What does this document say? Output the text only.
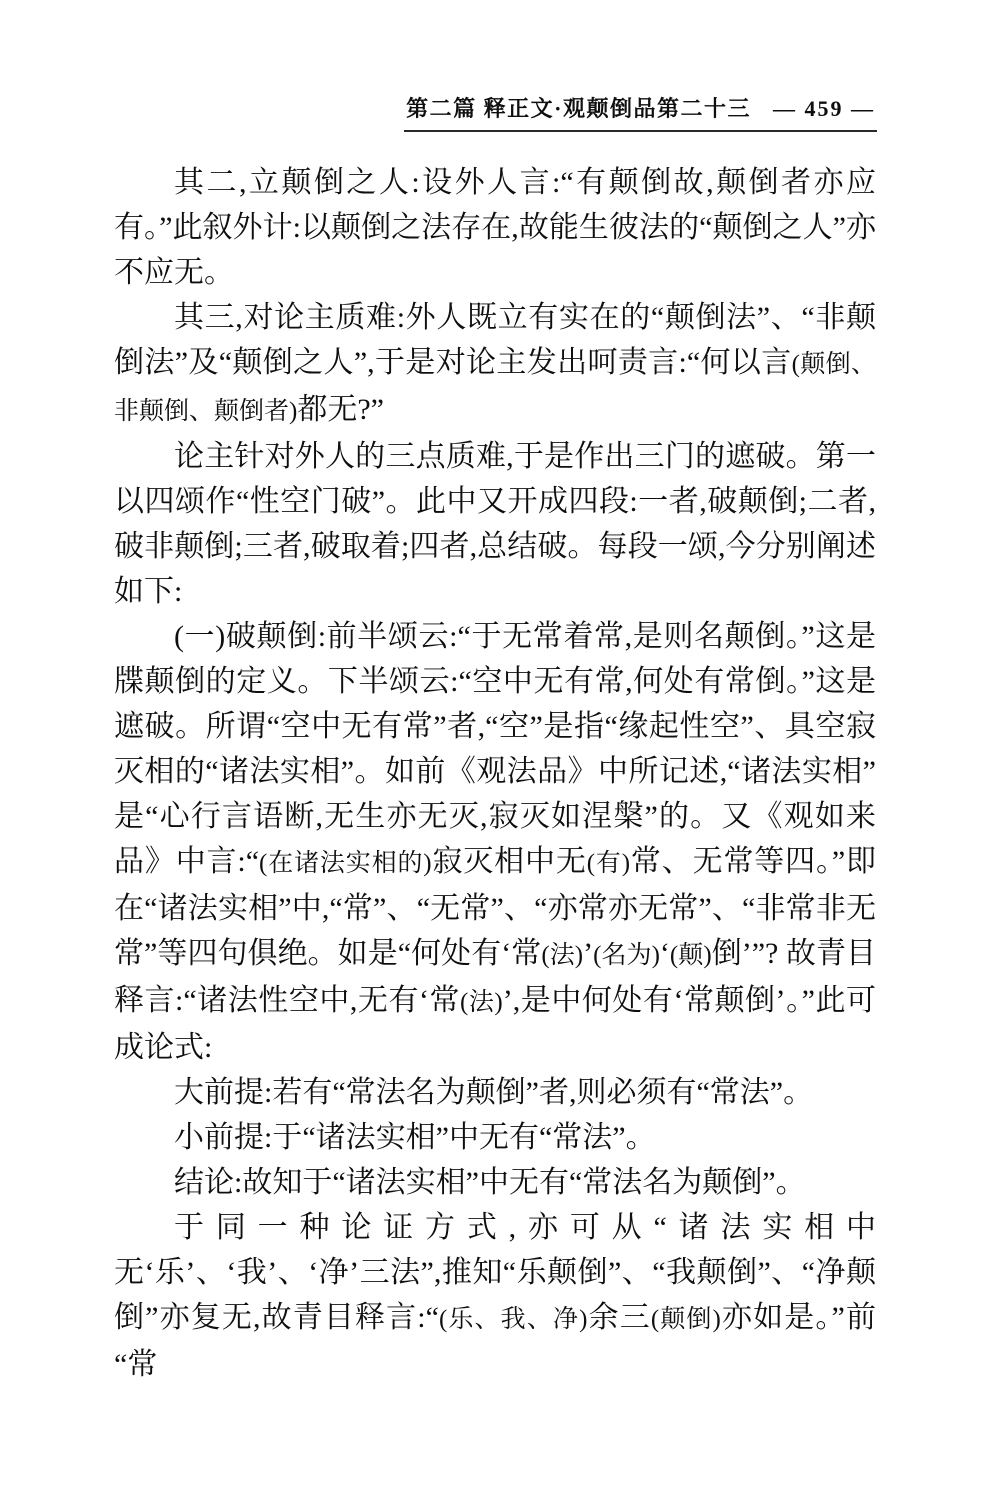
第二篇 释正文·观颠倒品第二十三 — 459 —

其二,立颠倒之人:设外人言:“有颠倒故,颠倒者亦应有。”此叙外计:以颠倒之法存在,故能生彼法的“颠倒之人”亦不应无。

其三,对论主质难:外人既立有实在的“颠倒法”、“非颠倒法”及“颠倒之人”,于是对论主发出呵责言:“何以言(颠倒、非颠倒、颠倒者)都无?”

论主针对外人的三点质难,于是作出三门的遮破。第一以四颂作“性空门破”。此中又开成四段:一者,破颠倒;二者,破非颠倒;三者,破取着;四者,总结破。每段一颂,今分别阐述如下:

(一)破颠倒:前半颂云:“于无常着常,是则名颠倒。”这是牒颠倒的定义。下半颂云:“空中无有常,何处有常倒。”这是遮破。所谓“空中无有常”者,“空”是指“缘起性空”、具空寂灭相的“诸法实相”。如前《观法品》中所记述,“诸法实相”是“心行言语断,无生亦无灭,寂灭如涅槃”的。又《观如来品》中言:“(在诸法实相的)寂灭相中无(有)常、无常等四。”即在“诸法实相”中,“常”、“无常”、“亦常亦无常”、“非常非无常”等四句俱绝。如是“何处有‘常(法)’(名为)‘(颠)倒’”? 故青目释言:“诸法性空中,无有‘常(法)’,是中何处有‘常颠倒’。”此可成论式:

大前提:若有“常法名为颠倒”者,则必须有“常法”。

小前提:于“诸法实相”中无有“常法”。

结论:故知于“诸法实相”中无有“常法名为颠倒”。

于同一种论证方式,亦可从“诸法实相中无‘乐’、‘我’、‘净’三法”,推知“乐颠倒”、“我颠倒”、“净颠倒”亦复无,故青目释言:“(乐、我、净)余三(颠倒)亦如是。”前“常
